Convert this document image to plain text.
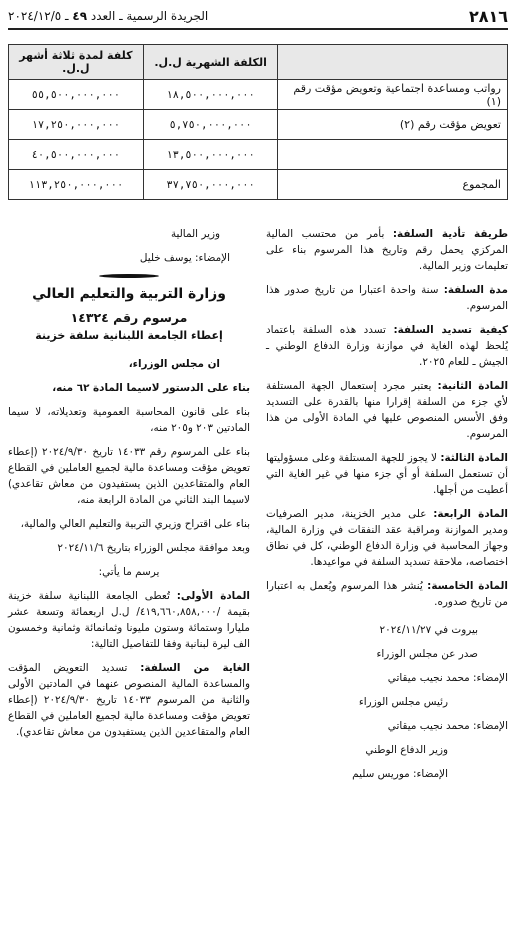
٢٨١٦
الجريدة الرسمية ـ العدد ٤٩ ـ ٢٠٢٤/١٢/٥
	الكلفة الشهرية ل.ل.	كلفة لمدة ثلاثة أشهر ل.ل.
رواتب ومساعدة اجتماعية وتعويض مؤقت رقم (١)	١٨,٥٠٠,٠٠٠,٠٠٠	٥٥,٥٠٠,٠٠٠,٠٠٠
تعويض مؤقت رقم (٢)	٥,٧٥٠,٠٠٠,٠٠٠	١٧,٢٥٠,٠٠٠,٠٠٠
	١٣,٥٠٠,٠٠٠,٠٠٠	٤٠,٥٠٠,٠٠٠,٠٠٠
المجموع	٣٧,٧٥٠,٠٠٠,٠٠٠	١١٣,٢٥٠,٠٠٠,٠٠٠

طريقة تأدية السلفة: بأمر من محتسب المالية المركزي يحمل رقم وتاريخ هذا المرسوم بناء على تعليمات وزير المالية.

مدة السلفة: سنة واحدة اعتبارا من تاريخ صدور هذا المرسوم.

كيفية تسديد السلفة: تسدد هذه السلفة باعتماد يُلحظ لهذه الغاية في موازنة وزارة الدفاع الوطني ـ الجيش ـ للعام ٢٠٢٥.

المادة الثانية: يعتبر مجرد إستعمال الجهة المستلفة لأي جزء من السلفة إقرارا منها بالقدرة على التسديد وفق الأسس المنصوص عليها في المادة الأولى من هذا المرسوم.

المادة الثالثة: لا يجوز للجهة المستلفة وعلى مسؤوليتها أن تستعمل السلفة أو أي جزء منها في غير الغاية التي أعطيت من أجلها.

المادة الرابعة: على مدير الخزينة، مدير الصرفيات ومدير الموازنة ومراقبة عقد النفقات في وزارة المالية، وجهاز المحاسبة في وزارة الدفاع الوطني، كل في نطاق اختصاصه، ملاحقة تسديد السلفة في مواعيدها.

المادة الخامسة: يُنشر هذا المرسوم ويُعمل به اعتبارا من تاريخ صدوره.

بيروت في ٢٠٢٤/١١/٢٧

صدر عن مجلس الوزراء

الإمضاء: محمد نجيب ميقاتي

رئيس مجلس الوزراء

الإمضاء: محمد نجيب ميقاتي

وزير الدفاع الوطني

الإمضاء: موريس سليم

وزير المالية

الإمضاء: يوسف خليل

وزارة التربية والتعليم العالي
مرسوم رقم ١٤٣٢٤
إعطاء الجامعة اللبنانية سلفة خزينة

ان مجلس الوزراء،

بناء على الدستور لاسيما المادة ٦٢ منه،

بناء على قانون المحاسبة العمومية وتعديلاته، لا سيما المادتين ٢٠٣ و٢٠٥ منه،

بناء على المرسوم رقم ١٤٠٣٣ تاريخ ٢٠٢٤/٩/٣٠ (إعطاء تعويض مؤقت ومساعدة مالية لجميع العاملين في القطاع العام والمتقاعدين الذين يستفيدون من معاش تقاعدي) لاسيما البند الثاني من المادة الرابعة منه،

بناء على اقتراح وزيري التربية والتعليم العالي والمالية،

وبعد موافقة مجلس الوزراء بتاريخ ٢٠٢٤/١١/٦

يرسم ما يأتي:

المادة الأولى: تُعطى الجامعة اللبنانية سلفة خزينة بقيمة /٤١٩,٦٦٠,٨٥٨,٠٠٠/ ل.ل اربعمائة وتسعة عشر مليارا وستمائة وستون مليونا وثمانمائة وثمانية وخمسون الف ليرة لبنانية وفقا للتفاصيل التالية:

الغاية من السلفة: تسديد التعويض المؤقت والمساعدة المالية المنصوص عنهما في المادتين الأولى والثانية من المرسوم ١٤٠٣٣ تاريخ ٢٠٢٤/٩/٣٠ (إعطاء تعويض مؤقت ومساعدة مالية لجميع العاملين في القطاع العام والمتقاعدين الذين يستفيدون من معاش تقاعدي).
